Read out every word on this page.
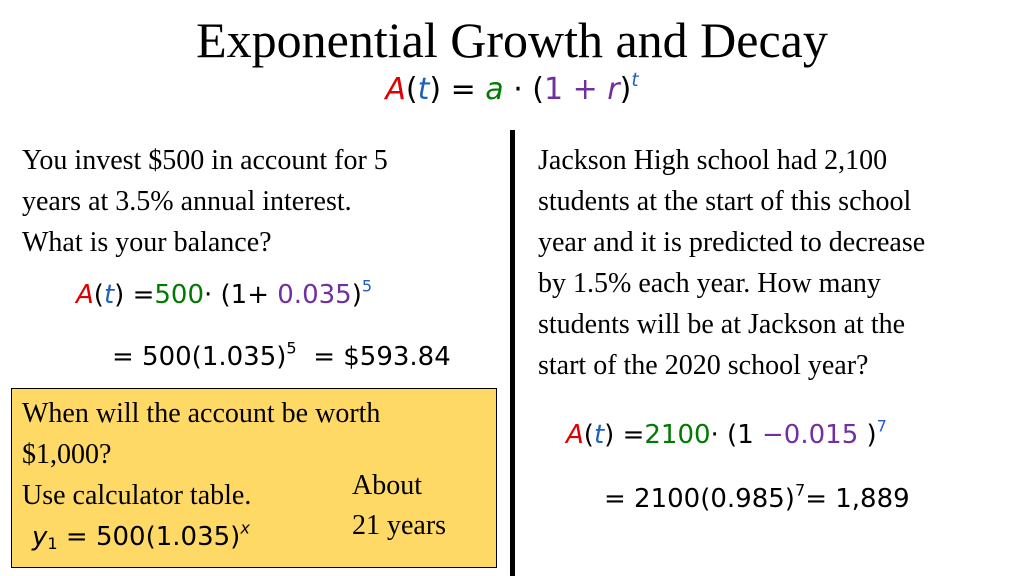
Exponential Growth and Decay
$A(t) = a \cdot (1 + r)^t$
You invest $500 in account for 5
years at 3.5% annual interest.
What is your balance?
$A(t) =500\cdot (1+ 0.035)^5$
= $500(1.035)^5$ = $593.84
When will the account be worth
$1,000?
Use calculator table.	About
21 years
$y_1 = 500(1.035)^x$
Jackson High school had 2,100
students at the start of this school
year and it is predicted to decrease
by 1.5% each year. How many
students will be at Jackson at the
start of the 2020 school year?
A(t) =2100· (1 −0.015 )$^7$
= $2100(0.985)^7= 1,889$
